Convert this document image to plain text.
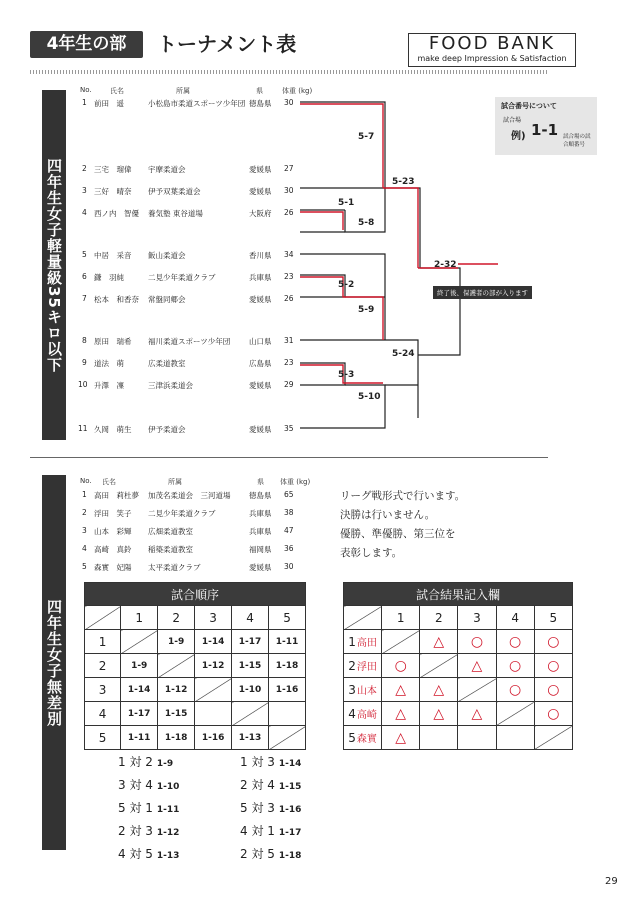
4年生の部	トーナメント表	FOOD BANK
make deep Impression & Satisfaction
四年生女子軽量級35キロ以下
No.	氏名	所属	県	体重 (kg)
1 前田　遥	小松島市柔道スポーツ少年団 徳島県 30
2 三宅　瑠偉 宇摩柔道会	愛媛県 27
3 三好　晴奈 伊予双葉柔道会	愛媛県 30
4 西ノ内　智優 養気塾 東谷道場	大阪府 26
5 中居　采音 飯山柔道会	香川県 34
6 鎌　羽純	二見少年柔道クラブ	兵庫県 23
7 松本　和香奈 常盤同郷会	愛媛県 26
8 原田　瑞希 福川柔道スポーツ少年団	山口県 31
9 道法　萌	広柔道教室	広島県 23
10 升澤　凜	三津浜柔道会	愛媛県 29
11 久岡　萌生 伊予柔道会	愛媛県 35
5-7
5-1
5-8
5-23
5-2
5-9
5-3
5-10
5-24
2-32
試合番号について
試合場
例) 1-1 試合場の試合順番号
終了後、保護者の部が入ります
四年生女子無差別
No. 氏名	所属	県 体重 (kg)
1 高田　莉杜夢 加茂名柔道会　三河道場 徳島県 65
2 浮田　笑子 二見少年柔道クラブ	兵庫県 38
3 山本　彩輝 広畑柔道教室	兵庫県 47
4 高崎　真鈴 稲築柔道教室	福岡県 36
5 森實　妃陽 太平柔道クラブ	愛媛県 30
リーグ戦形式で行います。
決勝は行いません。
優勝、準優勝、第三位を
表彰します。
試合順序					
	1	2	3	4	5
1		1-9	1-14	1-17	1-11
2	1-9		1-12	1-15	1-18
3	1-14	1-12		1-10	1-16
4	1-17	1-15			
5	1-11	1-18	1-16	1-13	
試合結果記入欄					
	1	2	3	4	5
1高田		△	○	○	○
2浮田	○		△	○	○
3山本	△	△		○	○
4高崎	△	△	△		○
5森實	△				
1 対 2 1-9
3 対 4 1-10
5 対 1 1-11
2 対 3 1-12
4 対 5 1-13
1 対 3 1-14
2 対 4 1-15
5 対 3 1-16
4 対 1 1-17
2 対 5 1-18
29
